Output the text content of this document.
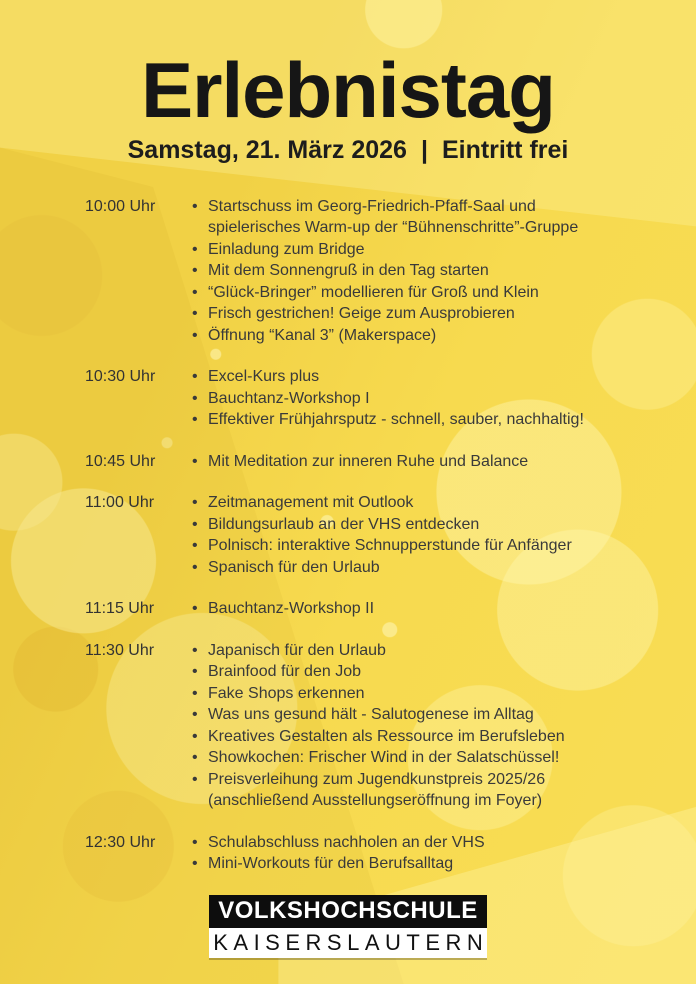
Erlebnistag
Samstag, 21. März 2026 | Eintritt frei
10:00 Uhr	• Startschuss im Georg-Friedrich-Pfaff-Saal und spielerisches Warm-up der “Bühnenschritte”-Gruppe
• Einladung zum Bridge
• Mit dem Sonnengruß in den Tag starten
• “Glück-Bringer” modellieren für Groß und Klein
• Frisch gestrichen! Geige zum Ausprobieren
• Öffnung “Kanal 3” (Makerspace)
10:30 Uhr	• Excel-Kurs plus
• Bauchtanz-Workshop I
• Effektiver Frühjahrsputz - schnell, sauber, nachhaltig!
10:45 Uhr	• Mit Meditation zur inneren Ruhe und Balance
11:00 Uhr	• Zeitmanagement mit Outlook
• Bildungsurlaub an der VHS entdecken
• Polnisch: interaktive Schnupperstunde für Anfänger
• Spanisch für den Urlaub
11:15 Uhr	• Bauchtanz-Workshop II
11:30 Uhr	• Japanisch für den Urlaub
• Brainfood für den Job
• Fake Shops erkennen
• Was uns gesund hält - Salutogenese im Alltag
• Kreatives Gestalten als Ressource im Berufsleben
• Showkochen: Frischer Wind in der Salatschüssel!
• Preisverleihung zum Jugendkunstpreis 2025/26 (anschließend Ausstellungseröffnung im Foyer)
12:30 Uhr	• Schulabschluss nachholen an der VHS
• Mini-Workouts für den Berufsalltag
VOLKSHOCHSCHULE
KAISERSLAUTERN
